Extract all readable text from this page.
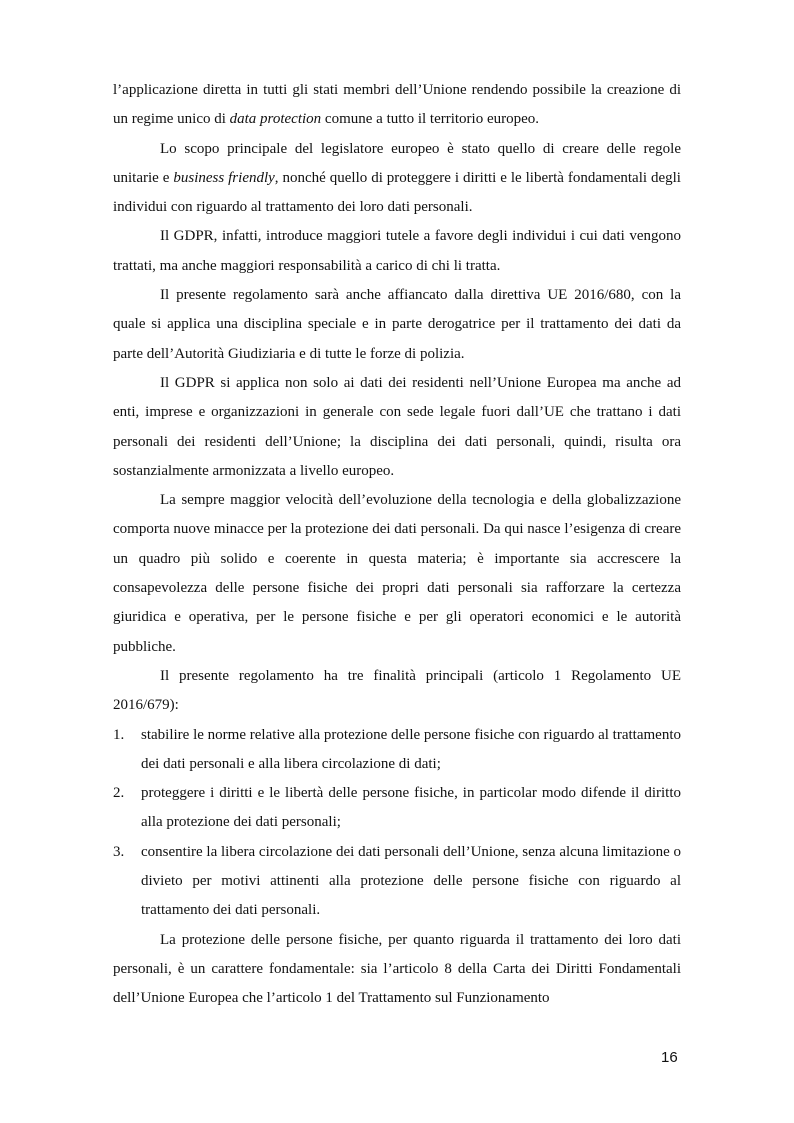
l’applicazione diretta in tutti gli stati membri dell’Unione rendendo possibile la creazione di un regime unico di data protection comune a tutto il territorio europeo.

Lo scopo principale del legislatore europeo è stato quello di creare delle regole unitarie e business friendly, nonché quello di proteggere i diritti e le libertà fondamentali degli individui con riguardo al trattamento dei loro dati personali.

Il GDPR, infatti, introduce maggiori tutele a favore degli individui i cui dati vengono trattati, ma anche maggiori responsabilità a carico di chi li tratta.

Il presente regolamento sarà anche affiancato dalla direttiva UE 2016/680, con la quale si applica una disciplina speciale e in parte derogatrice per il trattamento dei dati da parte dell’Autorità Giudiziaria e di tutte le forze di polizia.

Il GDPR si applica non solo ai dati dei residenti nell’Unione Europea ma anche ad enti, imprese e organizzazioni in generale con sede legale fuori dall’UE che trattano i dati personali dei residenti dell’Unione; la disciplina dei dati personali, quindi, risulta ora sostanzialmente armonizzata a livello europeo.

La sempre maggior velocità dell’evoluzione della tecnologia e della globalizzazione comporta nuove minacce per la protezione dei dati personali. Da qui nasce l’esigenza di creare un quadro più solido e coerente in questa materia; è importante sia accrescere la consapevolezza delle persone fisiche dei propri dati personali sia rafforzare la certezza giuridica e operativa, per le persone fisiche e per gli operatori economici e le autorità pubbliche.

Il presente regolamento ha tre finalità principali (articolo 1 Regolamento UE 2016/679):

1. stabilire le norme relative alla protezione delle persone fisiche con riguardo al trattamento dei dati personali e alla libera circolazione di dati;
2. proteggere i diritti e le libertà delle persone fisiche, in particolar modo difende il diritto alla protezione dei dati personali;
3. consentire la libera circolazione dei dati personali dell’Unione, senza alcuna limitazione o divieto per motivi attinenti alla protezione delle persone fisiche con riguardo al trattamento dei dati personali.

La protezione delle persone fisiche, per quanto riguarda il trattamento dei loro dati personali, è un carattere fondamentale: sia l’articolo 8 della Carta dei Diritti Fondamentali dell’Unione Europea che l’articolo 1 del Trattamento sul Funzionamento

16
